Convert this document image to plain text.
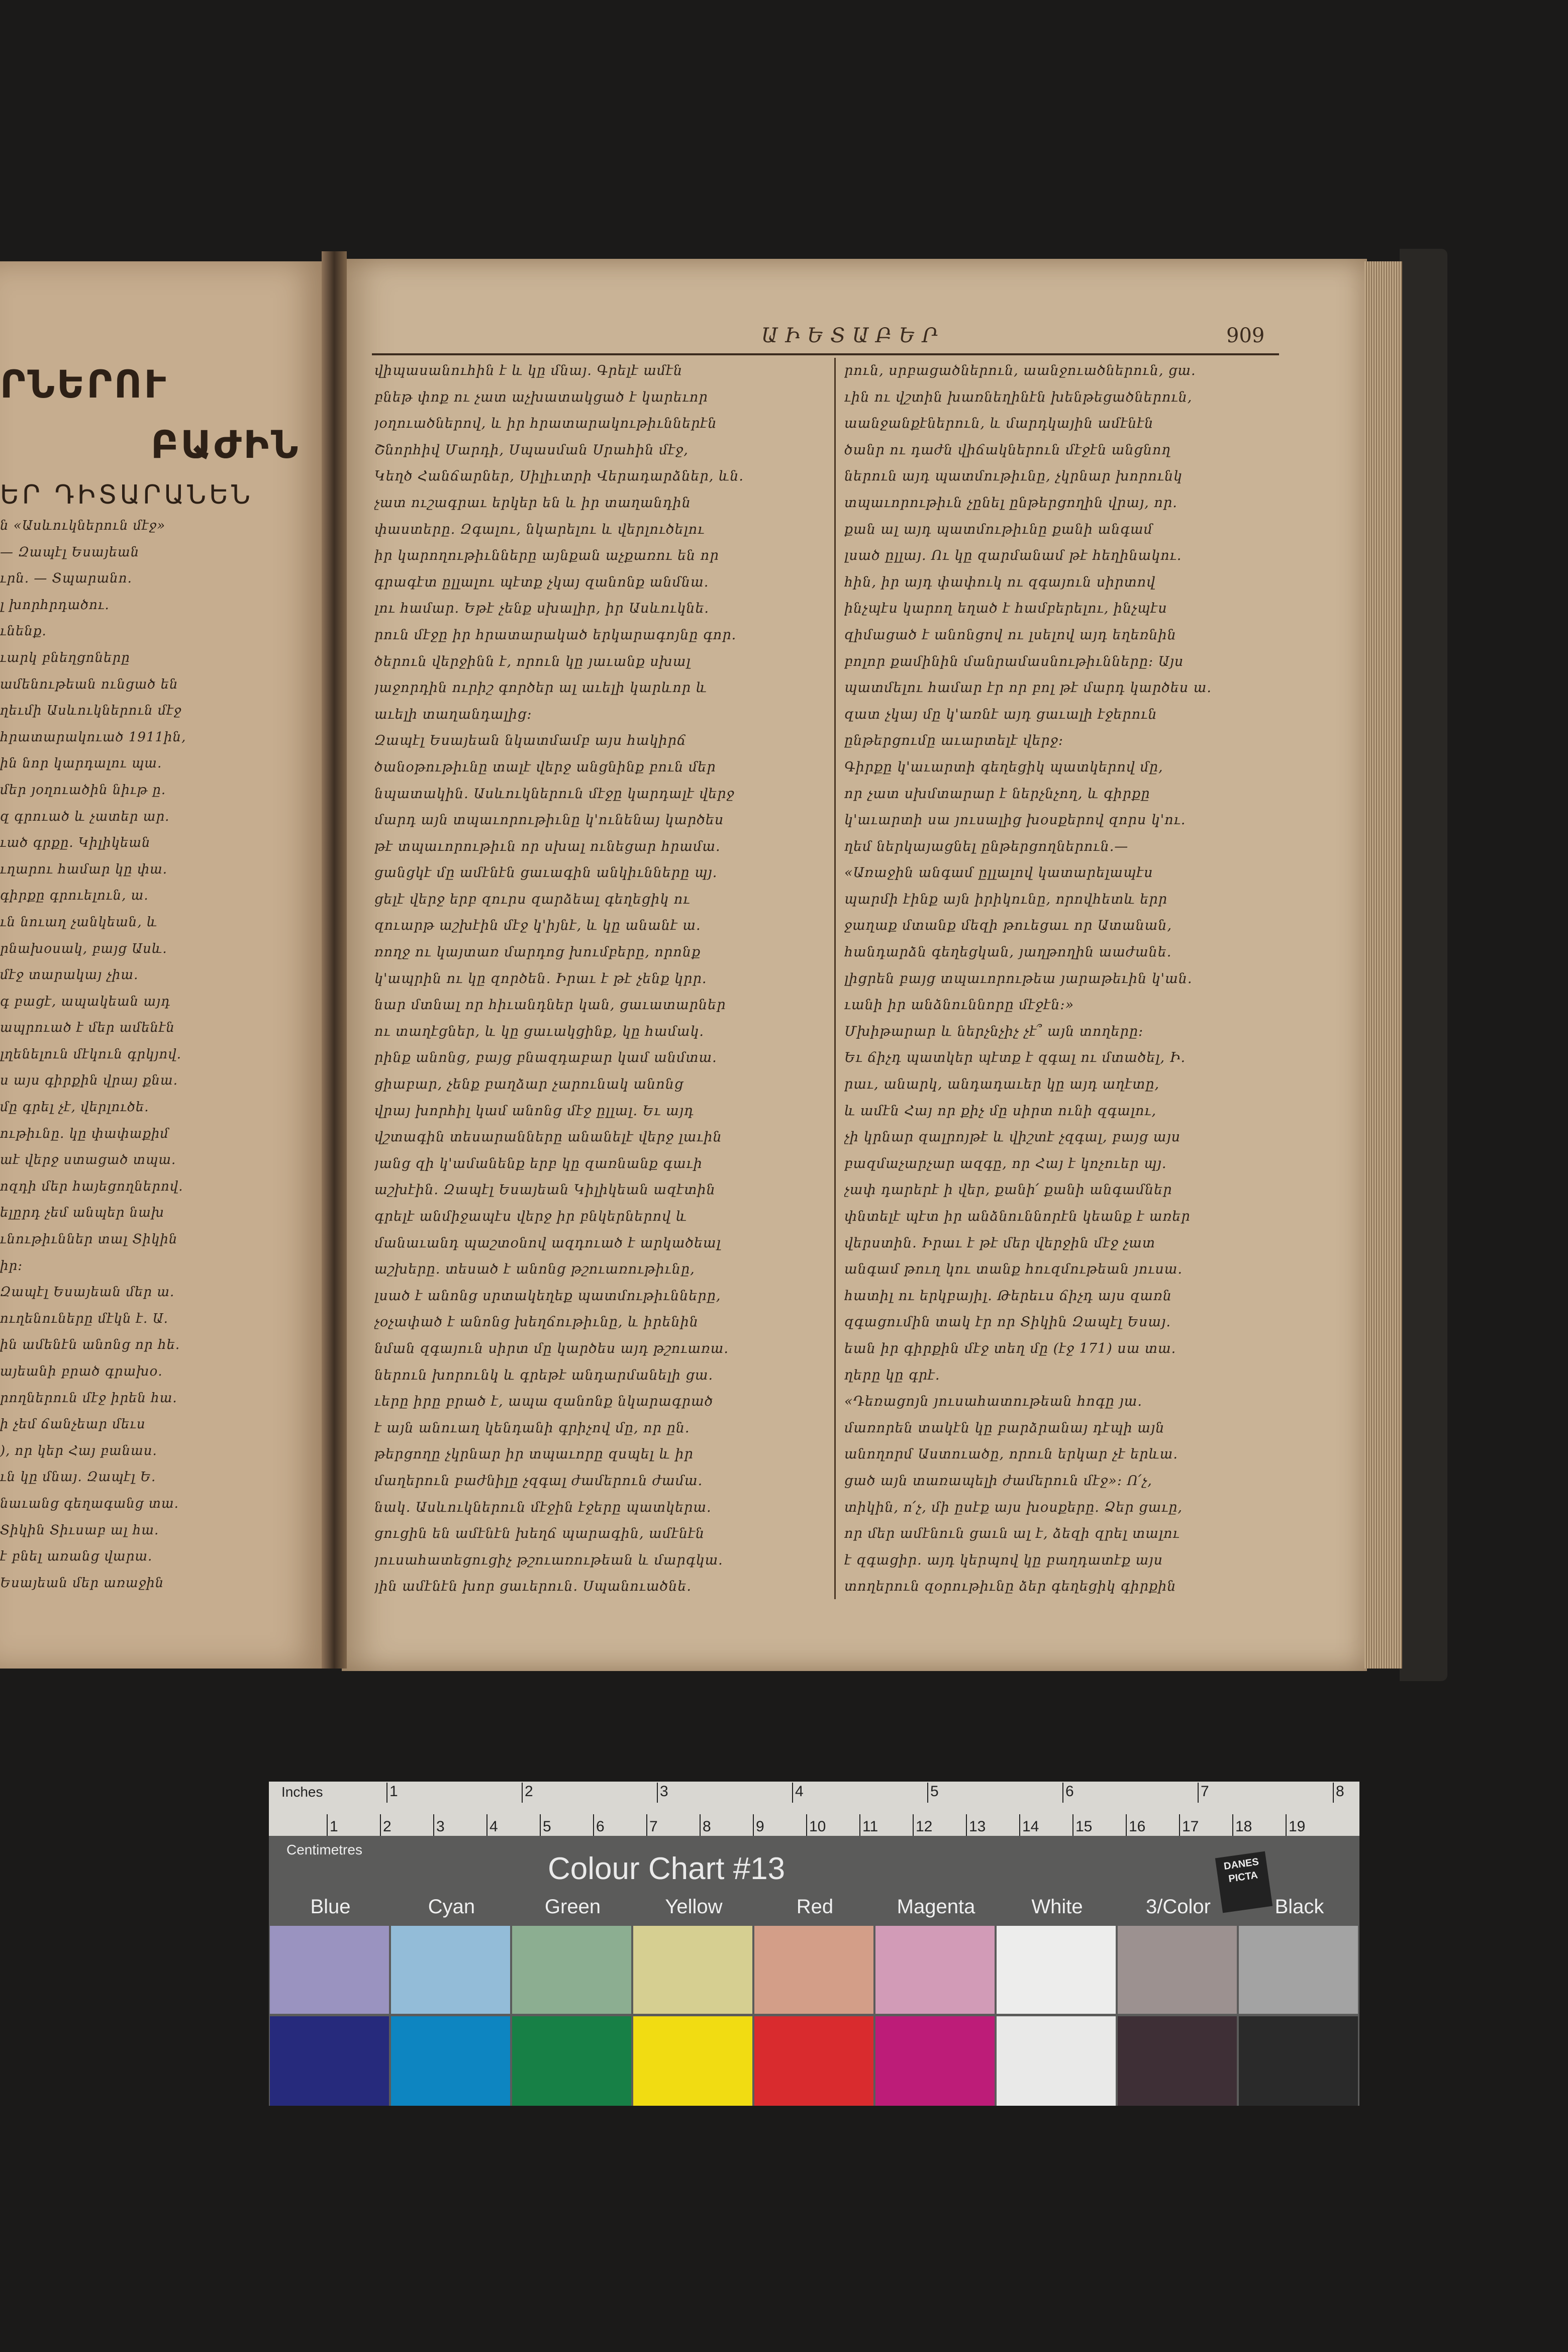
ՐՆԵՐՈՒ
ԲԱԺԻՆ
ԵՐ ԴԻՏԱՐԱՆԵՆ
ն «Ասևուկներուն մէջ»
— Զապէլ Եսայեան
ւրն. — Տպարանո.
լ խորհրդածու.
ւնենք.
ւարկ բնեղցոները
ամենութեան ունցած են
ղեւմի Ասևուկներուն մէջ
հրատարակուած 1911ին,
ին նոր կարդալու պա.
մեր յօղուածին նիւթ ը.
զ գրուած և չատեր ար.
ւած գրքը. Կիլիկեան
ւղարու համար կը փա.
գիրքը գրուելուն, ա.
ւն նուաղ չանկեան, և
րնախօսակ, բայց Ասև.
մէջ տարակայ չիա.
գ բացէ, ապակեան այդ
ապրուած է մեր ամենէն
լղենելուն մէկուն գրկյով.
ս այս գիրքին վրայ քնա.
մը գրել չէ, վերլուծե.
ութիւնը. կը փափաքիմ
աէ վերջ ստացած տպա.
ոզդի մեր հայեցողներով.
ելըրդ չեմ անպեր նախ
ւնութիւններ տալ Տիկին
իր:
Զապէլ Եսայեան մեր ա.
ուղենուները մէկն է. Ա.
ին ամենէն անոնց որ հե.
այեանի բրած գրախօ.
րողներուն մէջ իրեն հա.
ի չեմ ճանչեար մեւս
), որ կեր Հայ բանաս.
ւն կը մնայ. Զապէլ Ե.
նաւանց գեղագանց տա.
Տիկին Տիւսաբ ալ հա.
է բնել առանց վարա.
Եսայեան մեր առաջին
ԱԻԵՏԱԲԵՐ	909
վիպասանուհին է և կը մնայ. Գրելէ ամէն
բնեթ փոք ու չատ աչխատակցած է կարեւոր
յօղուածներով, և իր հրատարակութիւններէն
Շնորհիվ Մարդի, Սպասման Սրահին մէջ,
Կեղծ Հանճարներ, Սիլիւտրի Վերադարձներ, ևն.
չատ ուշագրաւ երկեր են և իր տաղանդին
փաստերը. Զգալու, նկարելու և վերլուծելու
իր կարողութիւնները այնքան աչքառու են որ
գրագէտ ըլլալու պէտք չկայ զանոնք անմնա.
լու համար. Եթէ չենք սխալիր, իր Ասևուկնե.
րուն մէջը իր հրատարակած երկարագոյնը գոր.
ծերուն վերջինն է, որուն կը յաւանք սխալ
յաջորդին ուրիշ գործեր ալ աւելի կարևոր և
աւելի տաղանդալից։
Զապէլ Եսայեան նկատմամբ այս հակիրճ
ծանօթութիւնը տալէ վերջ անցնինք բուն մեր
նպատակին. Ասևուկներուն մէջը կարդալէ վերջ
մարդ այն տպաւորութիւնը կ'ունենայ կարծես
թէ տպաւորութիւն որ սխալ ունեցար հրամա.
ցանցկէ մը ամէնէն ցաւագին անկիւնները պյ.
ցելէ վերջ երբ զուրս զարձեալ գեղեցիկ ու
զուարթ աշխէին մէջ կ'իյնէ, և կը անանէ ա.
ռողջ ու կայտառ մարդոց խումբերը, որոնք
կ'ապրին ու կը զործեն. Իրաւ է թէ չենք կրր.
նար մտնալ որ հիւանդներ կան, ցաւատարներ
ու տաղէցներ, և կը ցաւակցինք, կը համակ.
րինք անոնց, բայց բնազդաբար կամ անմտա.
ցիաբար, չենք բաղձար չարունակ անոնց
վրայ խորհիլ կամ անոնց մէջ ըլլալ. Եւ այդ
վշտագին տեսարանները անանելէ վերջ լաւին
յանց զի կ'ամանենք երբ կը զառնանք գաւի
աշխէին. Զապէլ Եսայեան Կիլիկեան ազէտին
գրելէ անմիջապէս վերջ իր բնկերներով և
մանաւանդ պաշտօնով ազդուած է արկածեալ
աշխերը. տեսած է անոնց թշուառութիւնը,
լսած է անոնց սրտակեղեք պատմութիւնները,
չօչափած է անոնց խեղճութիւնը, և իրենին
նման զգայուն սիրտ մը կարծես այդ թշուառա.
ներուն խորունկ և գրեթէ անդարմանելի ցա.
ւերը իրը բրած է, ապա զանոնք նկարագրած
է այն անուաղ կենդանի գրիչով մը, որ ըն.
թերցողը չկրնար իր տպաւորը զսպել և իր
մաղերուն բաժնիլը չզգալ ժամերուն ժամա.
նակ. Ասևուկներուն մէջին էջերը պատկերա.
ցուցին են ամէնէն խեղճ պարագին, ամէնէն
յուսահատեցուցիչ թշուառութեան և մարգկա.
յին ամէնէն խոր ցաւերուն. Սպանուածնե.
րուն, սրբացածներուն, աանջուածներուն, ցա.
ւին ու վշտին խառնեղինէն խենթեցածներուն,
աանջանքէներուն, և մարդկային ամէնէն
ծանր ու դաժն վիճակներուն մէջէն անցնող
ներուն այդ պատմութիւնը, չկրնար խորունկ
տպաւորութիւն չընել ընթերցողին վրայ, որ.
քան ալ այդ պատմութիւնը քանի անգամ
լսած ըլլայ. Ու կը զարմանամ թէ հեղինակու.
հին, իր այդ փափուկ ու զգայուն սիրտով
ինչպէս կարող եղած է համբերելու, ինչպէս
զիմացած է անոնցով ու լսելով այդ եղեռնին
բոլոր քամինին մանրամասնութիւնները։ Այս
պատմելու համար էր որ բոլ թէ մարդ կարծես ա.
զատ չկայ մը կ'առնէ այդ ցաւալի էջերուն
ընթերցումը աւարտելէ վերջ։
Գիրքը կ'աւարտի գեղեցիկ պատկերով մը,
որ չատ սխմտարար է ներչնչող, և գիրքը
կ'աւարտի սա յուսալից խօսքերով զորս կ'ու.
ղեմ ներկայացնել ընթերցողներուն.—
«Առաջին անգամ ըլլալով կատարելապէս
պարմի էինք այն իրիկունը, որովհետև երր
ջաղաք մտանք մեզի թուեցաւ որ Ատանան,
հանդարձն գեղեցկան, յաղթողին աաժանե.
լիցրեն բայց տպաւորութեա յարաթեւին կ'ան.
ւանի իր անձնուննորը մէջէն։»
Մխիթարար և ներչնչիչ չէ՞ այն տողերը։
Եւ ճիչդ պատկեր պէտք է զգալ ու մտածել, Ի.
րաւ, անարկ, անդադաւեր կը այդ աղէտը,
և ամէն Հայ որ քիչ մը սիրտ ունի զգալու,
չի կրնար զալրոյթէ և վիշտէ չզգալ, բայց այս
բազմաչարչար ազգը, որ Հայ է կոչուեր պյ.
չափ դարերէ ի վեր, քանի՛ քանի անգամներ
փնտելէ պէտ իր անձնուննորէն կեանք է առեր
վերստին. Իրաւ է թէ մեր վերջին մէջ չատ
անգամ թուղ կու տանք հուզմութեան յուսա.
հատիլ ու երկբայիլ. Թերեւս ճիչդ այս զառն
զգացումին տակ էր որ Տիկին Զապէլ Եսայ.
եան իր գիրքին մէջ տեղ մը (էջ 171) սա տա.
ղերը կը գրէ.
«Դեռացոյն յուսահատութեան հոգը յա.
մառորեն տակէն կը բարձրանայ դէպի այն
անողորմ Աստուածը, որուն երկար չէ երևա.
ցած այն տառապելի ժամերուն մէջ»։ Ո՛չ,
տիկին, ո՛չ, մի ըսէք այս խօսքերը. Ձեր ցաւը,
որ մեր ամէնուն ցաւն ալ է, ձեզի զրել տալու
է զգացիր. այդ կերպով կը բաղդատէք այս
տողերուն զօրութիւնը ձեր գեղեցիկ գիրքին
Inches
Centimetres
1	2	3	4	5	6	7	8
1	2	3	4	5	6	7	8	9	10 11 12 13 14 15 16 17 18 19
Colour Chart #13	DANES PICTA
Blue	Cyan	Green	Yellow	Red	Magenta	White	3/Color	Black
